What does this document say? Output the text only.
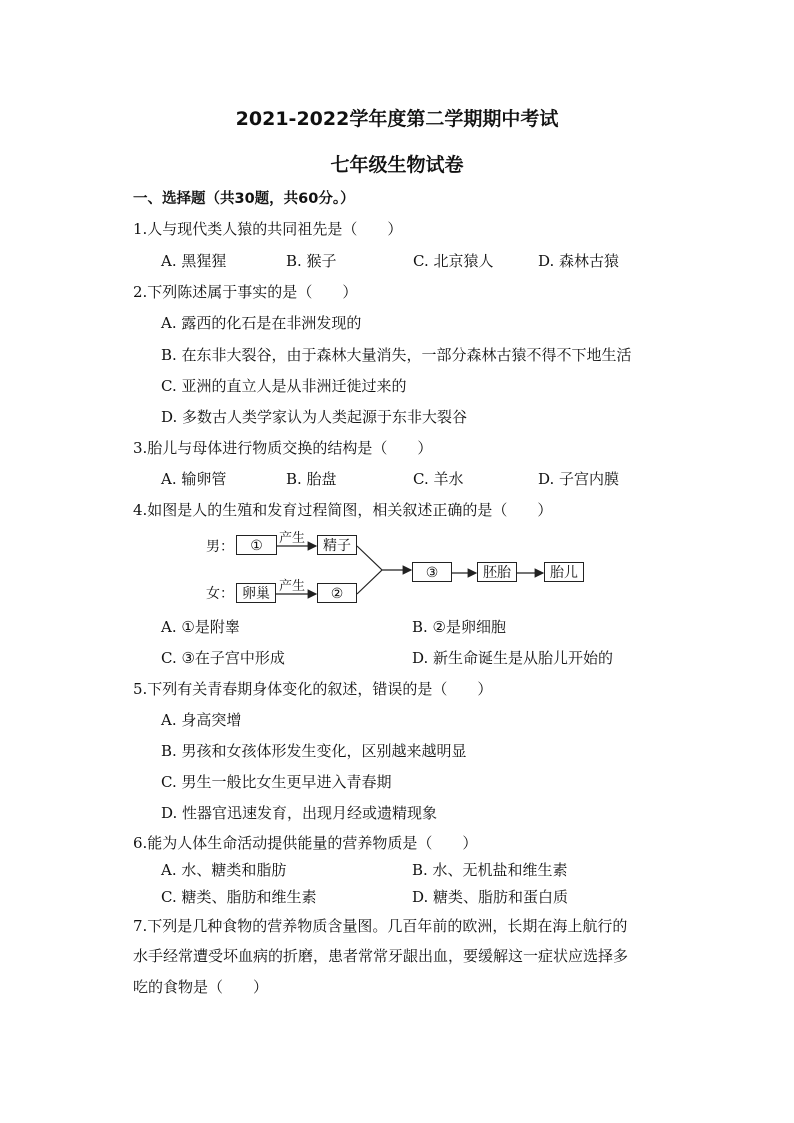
2021-2022学年度第二学期期中考试
七年级生物试卷
一、选择题（共30题，共60分。）
1.人与现代类人猿的共同祖先是（　　）
A. 黑猩猩	B. 猴子	C. 北京猿人	D. 森林古猿
2.下列陈述属于事实的是（　　）
A. 露西的化石是在非洲发现的
B. 在东非大裂谷，由于森林大量消失，一部分森林古猿不得不下地生活
C. 亚洲的直立人是从非洲迁徙过来的
D. 多数古人类学家认为人类起源于东非大裂谷
3.胎儿与母体进行物质交换的结构是（　　）
A. 输卵管	B. 胎盘	C. 羊水	D. 子宫内膜
4.如图是人的生殖和发育过程简图，相关叙述正确的是（　　）
男：	①	产生	精子
女： 卵巢 产生	②
③	胚胎	胎儿
A. ①是附睾	B. ②是卵细胞
C. ③在子宫中形成	D. 新生命诞生是从胎儿开始的
5.下列有关青春期身体变化的叙述，错误的是（　　）
A. 身高突增
B. 男孩和女孩体形发生变化，区别越来越明显
C. 男生一般比女生更早进入青春期
D. 性器官迅速发育，出现月经或遗精现象
6.能为人体生命活动提供能量的营养物质是（　　）
A. 水、糖类和脂肪	B. 水、无机盐和维生素
C. 糖类、脂肪和维生素	D. 糖类、脂肪和蛋白质
7.下列是几种食物的营养物质含量图。几百年前的欧洲，长期在海上航行的
水手经常遭受坏血病的折磨，患者常常牙龈出血，要缓解这一症状应选择多
吃的食物是（　　）
